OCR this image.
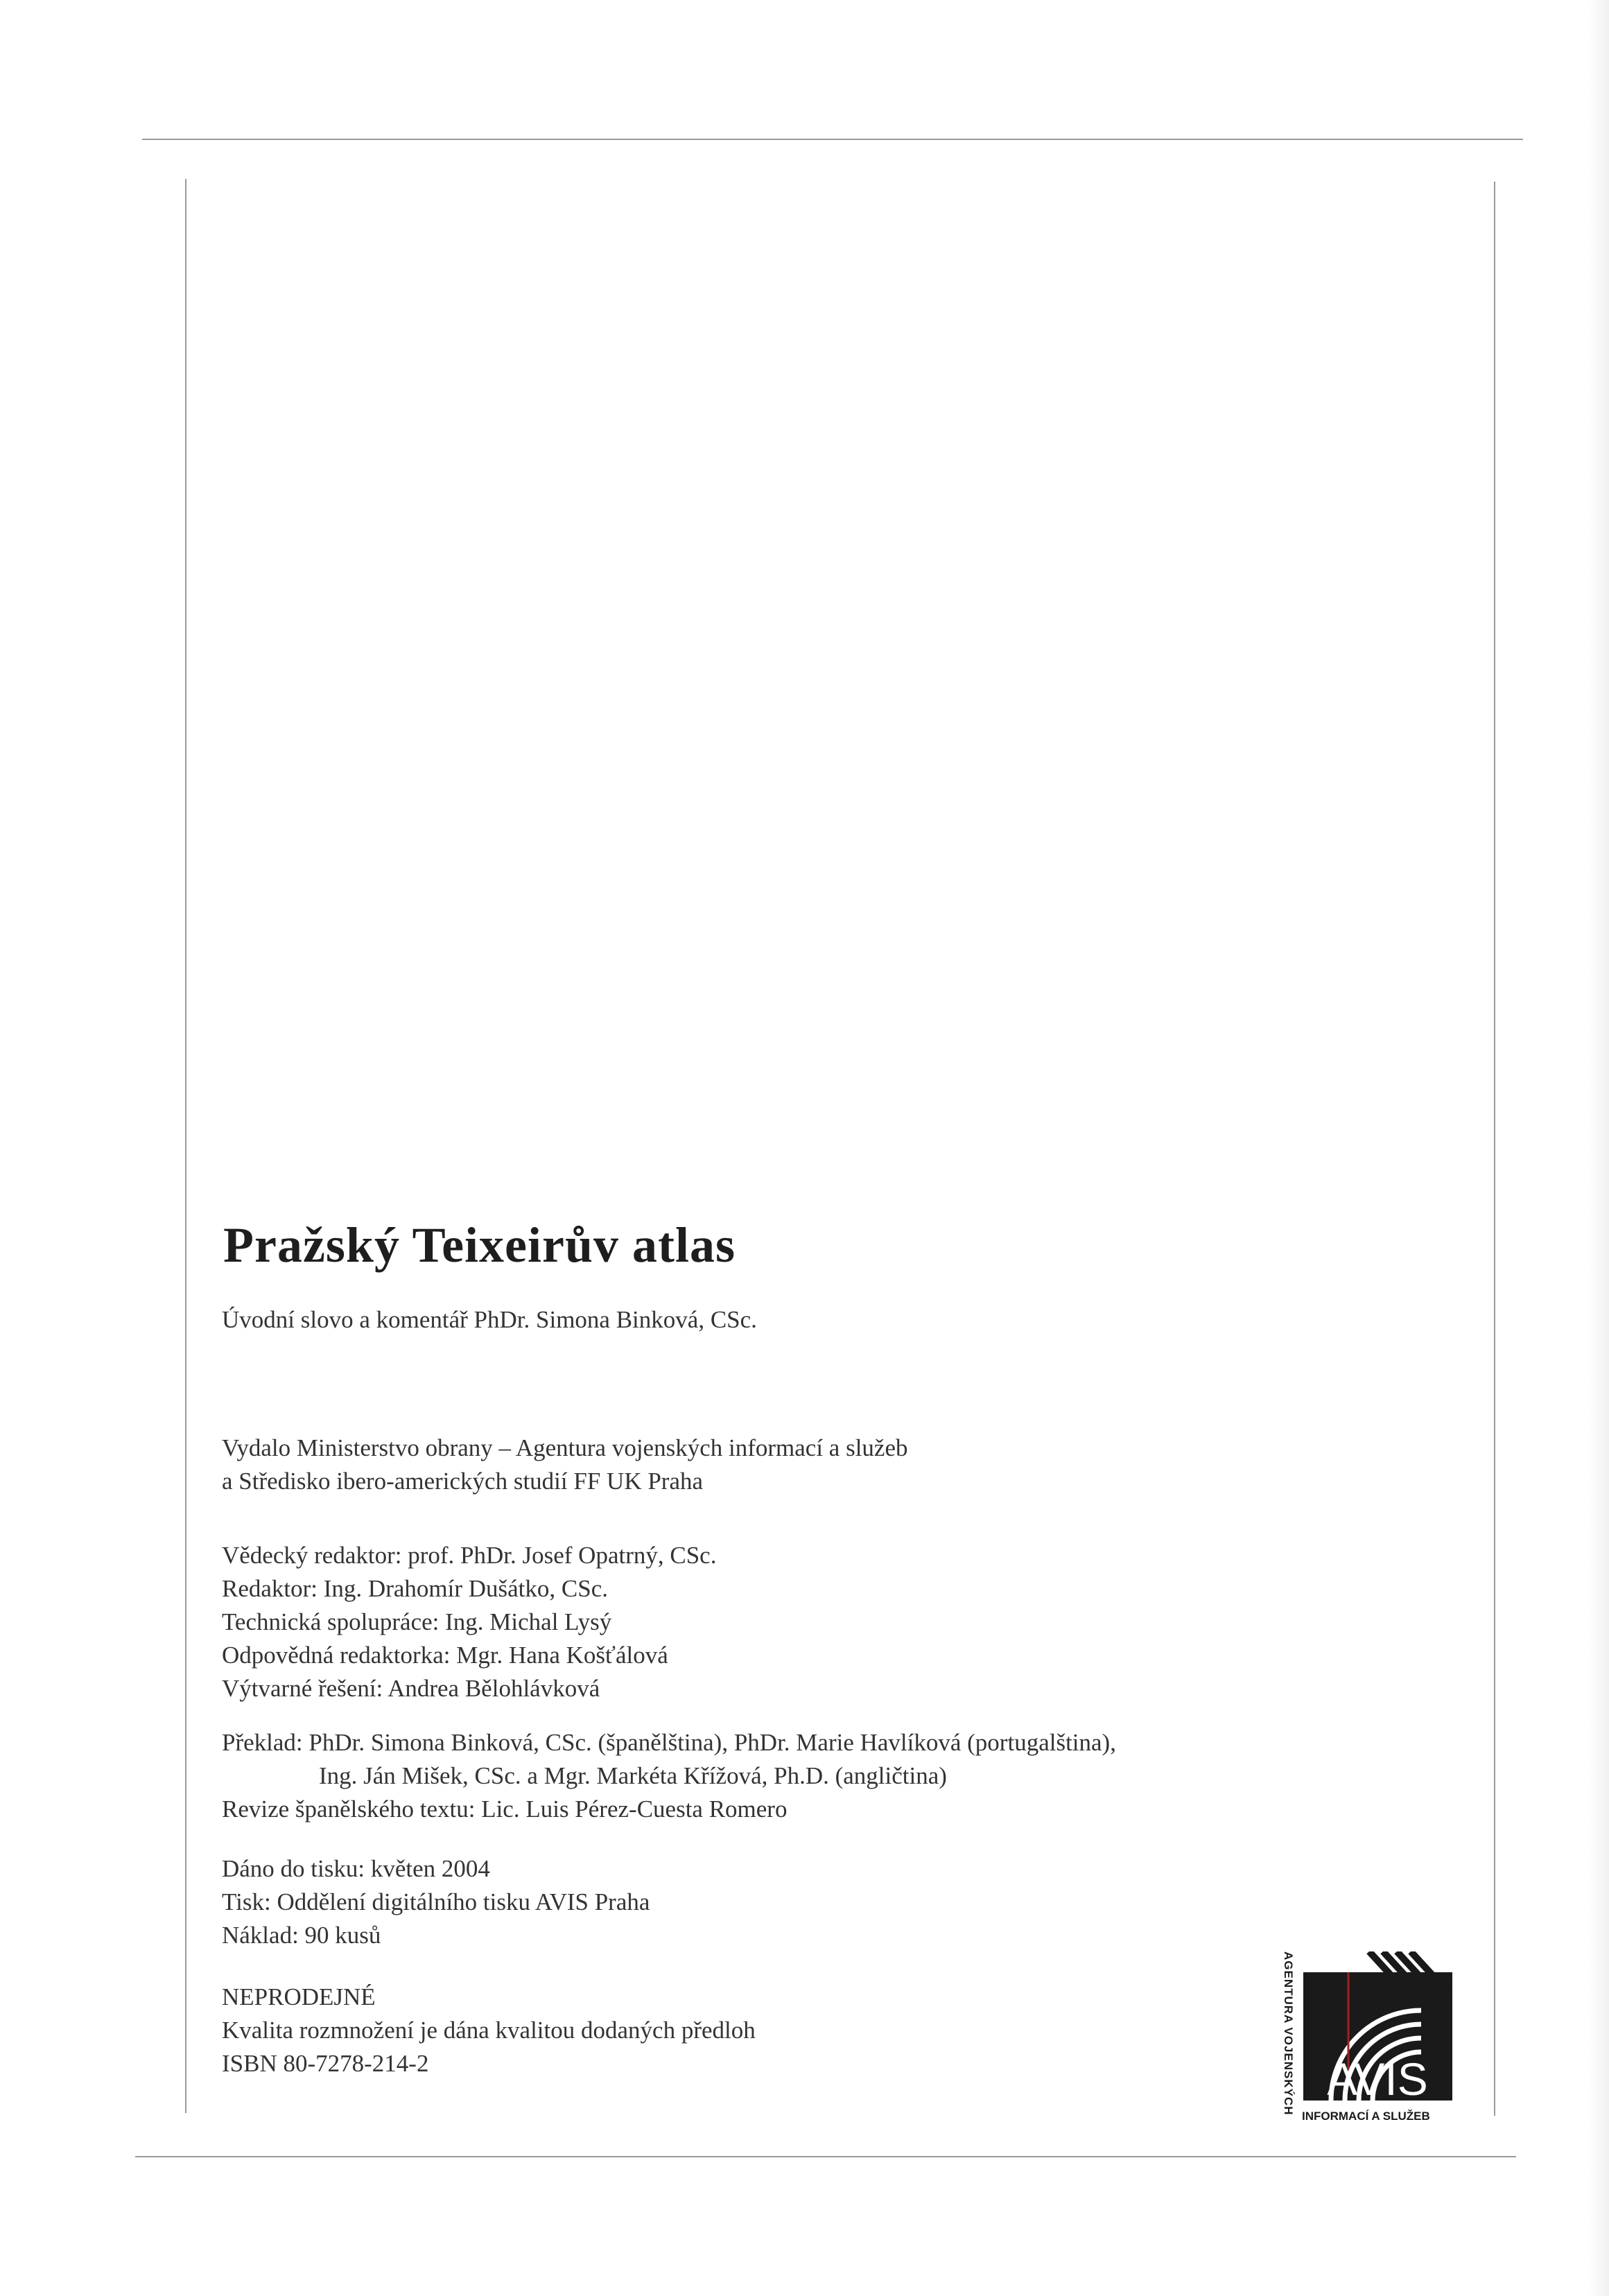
Pražský Teixeirův atlas
Úvodní slovo a komentář PhDr. Simona Binková, CSc.
Vydalo Ministerstvo obrany – Agentura vojenských informací a služeb
a Středisko ibero-amerických studií FF UK Praha
Vědecký redaktor: prof. PhDr. Josef Opatrný, CSc.
Redaktor: Ing. Drahomír Dušátko, CSc.
Technická spolupráce: Ing. Michal Lysý
Odpovědná redaktorka: Mgr. Hana Košťálová
Výtvarné řešení: Andrea Bělohlávková
Překlad: PhDr. Simona Binková, CSc. (španělština), PhDr. Marie Havlíková (portugalština),
Ing. Ján Mišek, CSc. a Mgr. Markéta Křížová, Ph.D. (angličtina)
Revize španělského textu: Lic. Luis Pérez-Cuesta Romero
Dáno do tisku: květen 2004
Tisk: Oddělení digitálního tisku AVIS Praha
Náklad: 90 kusů
NEPRODEJNÉ
Kvalita rozmnožení je dána kvalitou dodaných předloh
ISBN 80-7278-214-2	AGENTURA VOJENSKÝCH AVIS
INFORMACÍ A SLUŽEB
